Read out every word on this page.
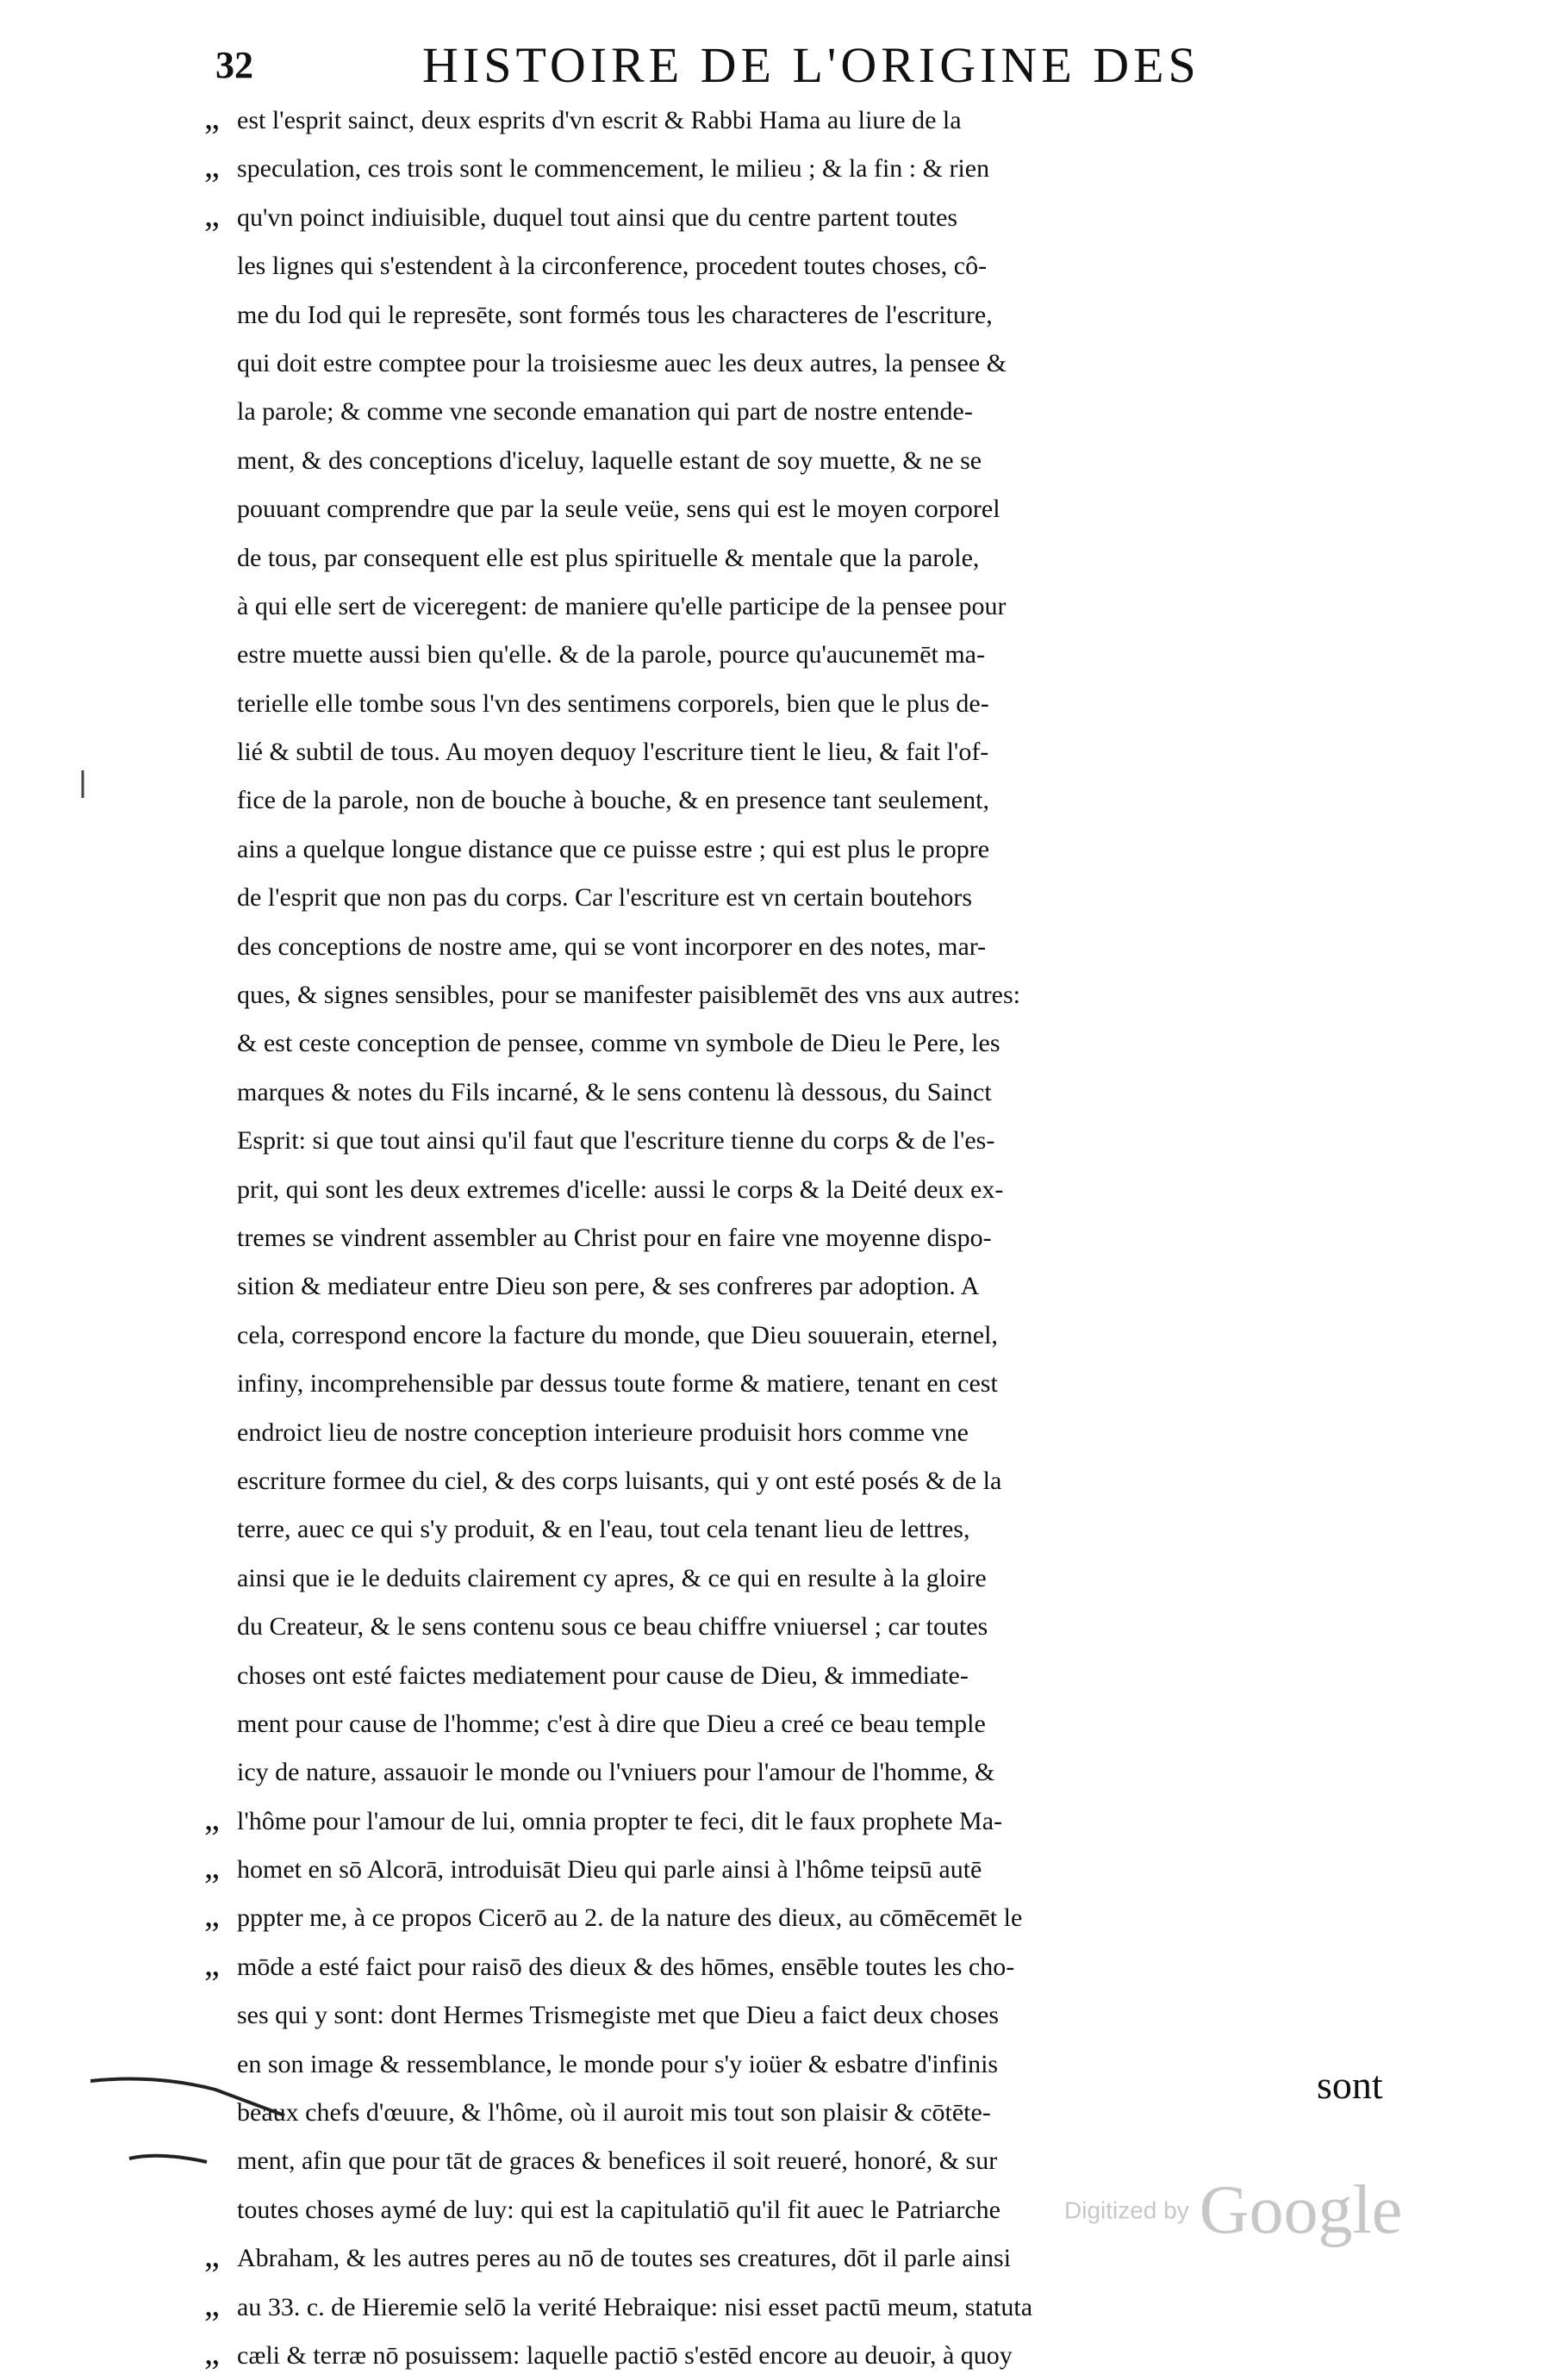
32	HISTOIRE DE L'ORIGINE DES
„ est l'esprit sainct, deux esprits d'vn escrit & Rabbi Hama au liure de la
„ speculation, ces trois sont le commencement, le milieu ; & la fin : & rien
„ qu'vn poinct indiuisible, duquel tout ainsi que du centre partent toutes
les lignes qui s'estendent à la circonference, procedent toutes choses, cô-
me du Iod qui le represēte, sont formés tous les characteres de l'escriture,
qui doit estre comptee pour la troisiesme auec les deux autres, la pensee &
la parole; & comme vne seconde emanation qui part de nostre entende-
ment, & des conceptions d'iceluy, laquelle estant de soy muette, & ne se
pouuant comprendre que par la seule veüe, sens qui est le moyen corporel
de tous, par consequent elle est plus spirituelle & mentale que la parole,
à qui elle sert de viceregent: de maniere qu'elle participe de la pensee pour
estre muette aussi bien qu'elle. & de la parole, pource qu'aucunemēt ma-
terielle elle tombe sous l'vn des sentimens corporels, bien que le plus de-
lié & subtil de tous. Au moyen dequoy l'escriture tient le lieu, & fait l'of-
fice de la parole, non de bouche à bouche, & en presence tant seulement,
ains a quelque longue distance que ce puisse estre ; qui est plus le propre
de l'esprit que non pas du corps. Car l'escriture est vn certain boutehors
des conceptions de nostre ame, qui se vont incorporer en des notes, mar-
ques, & signes sensibles, pour se manifester paisiblemēt des vns aux autres:
& est ceste conception de pensee, comme vn symbole de Dieu le Pere, les
marques & notes du Fils incarné, & le sens contenu là dessous, du Sainct
Esprit: si que tout ainsi qu'il faut que l'escriture tienne du corps & de l'es-
prit, qui sont les deux extremes d'icelle: aussi le corps & la Deité deux ex-
tremes se vindrent assembler au Christ pour en faire vne moyenne dispo-
sition & mediateur entre Dieu son pere, & ses confreres par adoption. A
cela, correspond encore la facture du monde, que Dieu souuerain, eternel,
infiny, incomprehensible par dessus toute forme & matiere, tenant en cest
endroict lieu de nostre conception interieure produisit hors comme vne
escriture formee du ciel, & des corps luisants, qui y ont esté posés & de la
terre, auec ce qui s'y produit, & en l'eau, tout cela tenant lieu de lettres,
ainsi que ie le deduits clairement cy apres, & ce qui en resulte à la gloire
du Createur, & le sens contenu sous ce beau chiffre vniuersel ; car toutes
choses ont esté faictes mediatement pour cause de Dieu, & immediate-
ment pour cause de l'homme; c'est à dire que Dieu a creé ce beau temple
icy de nature, assauoir le monde ou l'vniuers pour l'amour de l'homme, &
„ l'hôme pour l'amour de lui, omnia propter te feci, dit le faux prophete Ma-
„ homet en sō Alcorā, introduisāt Dieu qui parle ainsi à l'hôme teipsū autē
„ pppter me, à ce propos Cicerō au 2. de la nature des dieux, au cōmēcemēt le
„ mōde a esté faict pour raisō des dieux & des hōmes, ensēble toutes les cho-
ses qui y sont: dont Hermes Trismegiste met que Dieu a faict deux choses
en son image & ressemblance, le monde pour s'y ioüer & esbatre d'infinis
beaux chefs d'œuure, & l'hôme, où il auroit mis tout son plaisir & cōtēte-
ment, afin que pour tāt de graces & benefices il soit reueré, honoré, & sur
toutes choses aymé de luy: qui est la capitulatiō qu'il fit auec le Patriarche
„ Abraham, & les autres peres au nō de toutes ses creatures, dōt il parle ainsi
„ au 33. c. de Hieremie selō la verité Hebraique: nisi esset pactū meum, statuta
„ cæli & terræ nō posuissem: laquelle pactiō s'estēd encore au deuoir, à quoy
sont
Digitized by Google
